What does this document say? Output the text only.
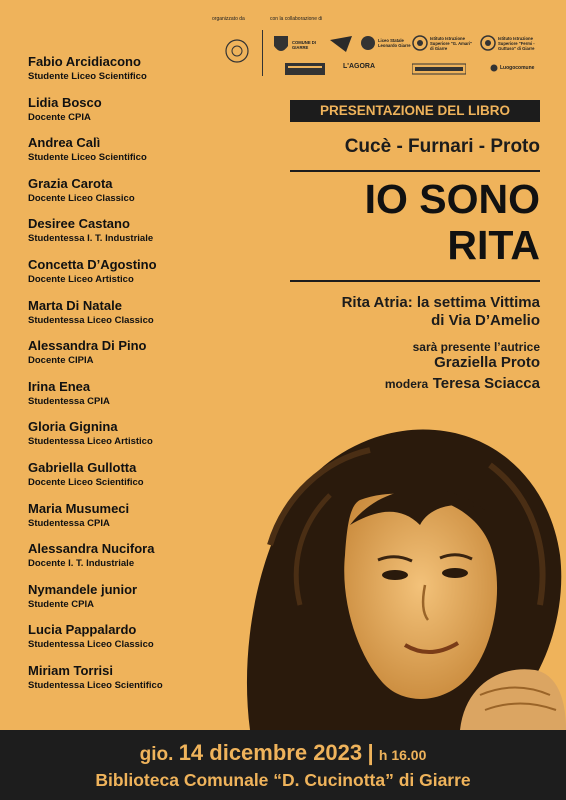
organizzato da	con la collaborazione di
COMUNE DI GIARRE
Liceo Statale Leonardo Giarre
Istituto Istruzione Superiore "G. Amari" di Giarre
Istituto Istruzione Superiore "Fermi - Guttuso" di Giarre
L'AGORA	Luogocomune
Fabio Arcidiacono
Studente Liceo Scientifico
Lidia Bosco
Docente CPIA
Andrea Calì
Studente Liceo Scientifico
Grazia Carota
Docente Liceo Classico
Desiree Castano
Studentessa I. T. Industriale
Concetta D’Agostino
Docente Liceo Artistico
Marta Di Natale
Studentessa Liceo Classico
Alessandra Di Pino
Docente CIPIA
Irina Enea
Studentessa CPIA
Gloria Gignina
Studentessa Liceo Artistico
Gabriella Gullotta
Docente Liceo Scientifico
Maria Musumeci
Studentessa CPIA
Alessandra Nucifora
Docente I. T. Industriale
Nymandele junior
Studente CPIA
Lucia Pappalardo
Studentessa Liceo Classico
Miriam Torrisi
Studentessa Liceo Scientifico
PRESENTAZIONE DEL LIBRO
Cucè - Furnari - Proto
IO SONO
RITA
Rita Atria: la settima Vittima
di Via D’Amelio
sarà presente l’autrice
Graziella Proto
modera Teresa Sciacca
gio. 14 dicembre 2023 | h 16.00
Biblioteca Comunale “D. Cucinotta” di Giarre
